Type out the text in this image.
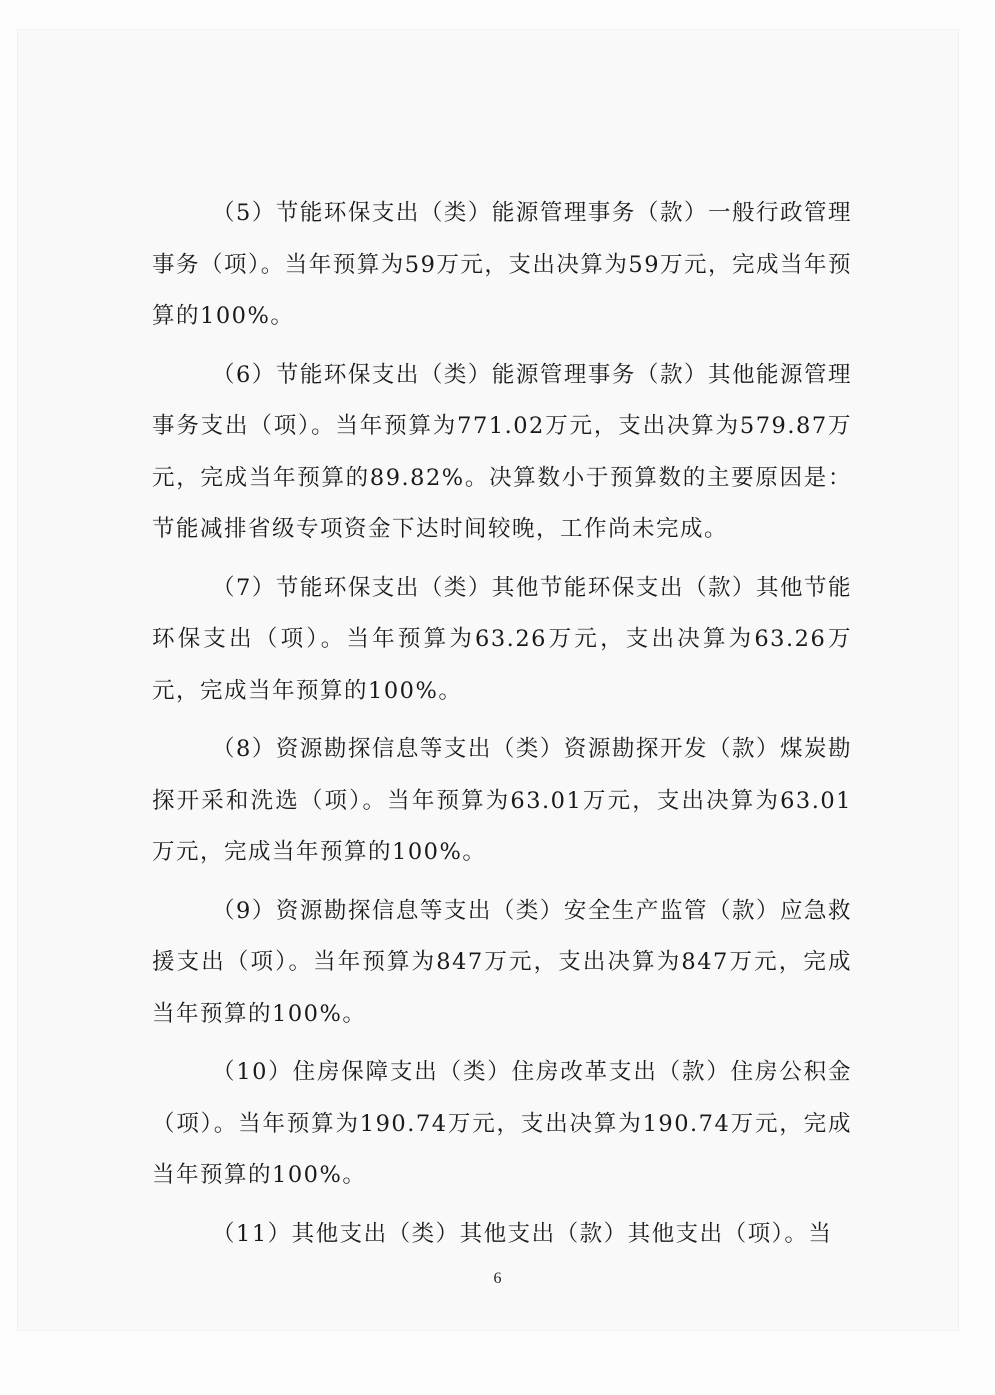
（5）节能环保支出（类）能源管理事务（款）一般行政管理事务（项）。当年预算为59万元，支出决算为59万元，完成当年预算的100%。

（6）节能环保支出（类）能源管理事务（款）其他能源管理事务支出（项）。当年预算为771.02万元，支出决算为579.87万元，完成当年预算的89.82%。决算数小于预算数的主要原因是：节能减排省级专项资金下达时间较晚，工作尚未完成。

（7）节能环保支出（类）其他节能环保支出（款）其他节能环保支出（项）。当年预算为63.26万元，支出决算为63.26万元，完成当年预算的100%。

（8）资源勘探信息等支出（类）资源勘探开发（款）煤炭勘探开采和洗选（项）。当年预算为63.01万元，支出决算为63.01万元，完成当年预算的100%。

（9）资源勘探信息等支出（类）安全生产监管（款）应急救援支出（项）。当年预算为847万元，支出决算为847万元，完成当年预算的100%。

（10）住房保障支出（类）住房改革支出（款）住房公积金（项）。当年预算为190.74万元，支出决算为190.74万元，完成当年预算的100%。

（11）其他支出（类）其他支出（款）其他支出（项）。当

6
